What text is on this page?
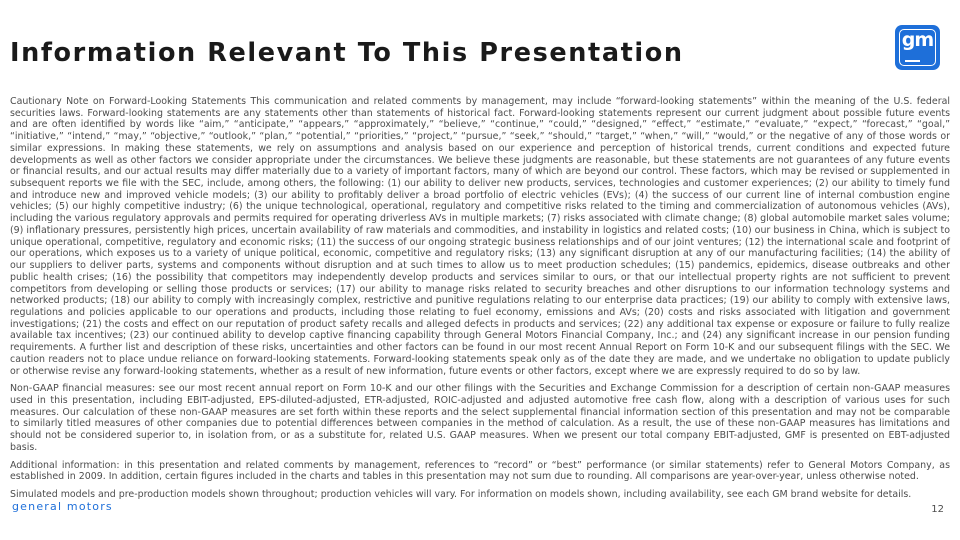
Information Relevant To This Presentation	gm

Cautionary Note on Forward-Looking Statements This communication and related comments by management, may include “forward-looking statements” within the meaning of the U.S. federal securities laws. Forward-looking statements are any statements other than statements of historical fact. Forward-looking statements represent our current judgment about possible future events and are often identified by words like “aim,” “anticipate,” “appears,” “approximately,” “believe,” “continue,” “could,” “designed,” “effect,” “estimate,” “evaluate,” “expect,” “forecast,” “goal,” “initiative,” “intend,” “may,” “objective,” “outlook,” “plan,” “potential,” “priorities,” “project,” “pursue,” “seek,” “should,” “target,” “when,” “will,” “would,” or the negative of any of those words or similar expressions. In making these statements, we rely on assumptions and analysis based on our experience and perception of historical trends, current conditions and expected future developments as well as other factors we consider appropriate under the circumstances. We believe these judgments are reasonable, but these statements are not guarantees of any future events or financial results, and our actual results may differ materially due to a variety of important factors, many of which are beyond our control. These factors, which may be revised or supplemented in subsequent reports we file with the SEC, include, among others, the following: (1) our ability to deliver new products, services, technologies and customer experiences; (2) our ability to timely fund and introduce new and improved vehicle models; (3) our ability to profitably deliver a broad portfolio of electric vehicles (EVs); (4) the success of our current line of internal combustion engine vehicles; (5) our highly competitive industry; (6) the unique technological, operational, regulatory and competitive risks related to the timing and commercialization of autonomous vehicles (AVs), including the various regulatory approvals and permits required for operating driverless AVs in multiple markets; (7) risks associated with climate change; (8) global automobile market sales volume; (9) inflationary pressures, persistently high prices, uncertain availability of raw materials and commodities, and instability in logistics and related costs; (10) our business in China, which is subject to unique operational, competitive, regulatory and economic risks; (11) the success of our ongoing strategic business relationships and of our joint ventures; (12) the international scale and footprint of our operations, which exposes us to a variety of unique political, economic, competitive and regulatory risks; (13) any significant disruption at any of our manufacturing facilities; (14) the ability of our suppliers to deliver parts, systems and components without disruption and at such times to allow us to meet production schedules; (15) pandemics, epidemics, disease outbreaks and other public health crises; (16) the possibility that competitors may independently develop products and services similar to ours, or that our intellectual property rights are not sufficient to prevent competitors from developing or selling those products or services; (17) our ability to manage risks related to security breaches and other disruptions to our information technology systems and networked products; (18) our ability to comply with increasingly complex, restrictive and punitive regulations relating to our enterprise data practices; (19) our ability to comply with extensive laws, regulations and policies applicable to our operations and products, including those relating to fuel economy, emissions and AVs; (20) costs and risks associated with litigation and government investigations; (21) the costs and effect on our reputation of product safety recalls and alleged defects in products and services; (22) any additional tax expense or exposure or failure to fully realize available tax incentives; (23) our continued ability to develop captive financing capability through General Motors Financial Company, Inc.; and (24) any significant increase in our pension funding requirements. A further list and description of these risks, uncertainties and other factors can be found in our most recent Annual Report on Form 10-K and our subsequent filings with the SEC. We caution readers not to place undue reliance on forward-looking statements. Forward-looking statements speak only as of the date they are made, and we undertake no obligation to update publicly or otherwise revise any forward-looking statements, whether as a result of new information, future events or other factors, except where we are expressly required to do so by law.

Non-GAAP financial measures: see our most recent annual report on Form 10-K and our other filings with the Securities and Exchange Commission for a description of certain non-GAAP measures used in this presentation, including EBIT-adjusted, EPS-diluted-adjusted, ETR-adjusted, ROIC-adjusted and adjusted automotive free cash flow, along with a description of various uses for such measures. Our calculation of these non-GAAP measures are set forth within these reports and the select supplemental financial information section of this presentation and may not be comparable to similarly titled measures of other companies due to potential differences between companies in the method of calculation. As a result, the use of these non-GAAP measures has limitations and should not be considered superior to, in isolation from, or as a substitute for, related U.S. GAAP measures. When we present our total company EBIT-adjusted, GMF is presented on EBT-adjusted basis.

Additional information: in this presentation and related comments by management, references to “record” or “best” performance (or similar statements) refer to General Motors Company, as established in 2009. In addition, certain figures included in the charts and tables in this presentation may not sum due to rounding. All comparisons are year-over-year, unless otherwise noted.

Simulated models and pre-production models shown throughout; production vehicles will vary. For information on models shown, including availability, see each GM brand website for details.

general motors	12
